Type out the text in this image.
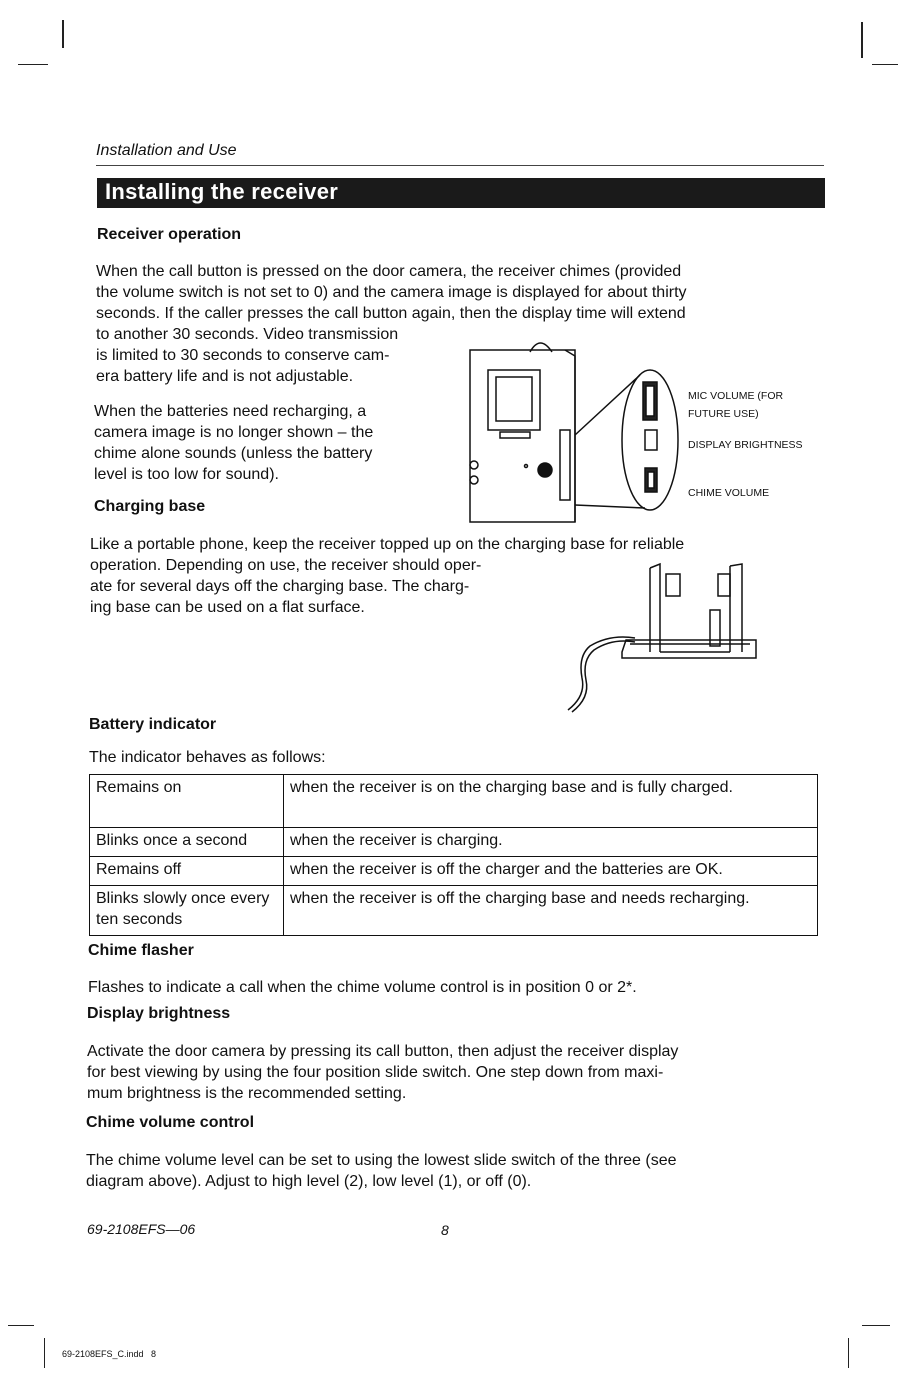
Installation and Use
Installing the receiver
Receiver operation
When the call button is pressed on the door camera, the receiver chimes (provided
the volume switch is not set to 0) and the camera image is displayed for about thirty
seconds. If the caller presses the call button again, then the display time will extend
to another 30 seconds. Video transmission
is limited to 30 seconds to conserve cam-
era battery life and is not adjustable.
When the batteries need recharging, a
camera image is no longer shown – the
chime alone sounds (unless the battery
level is too low for sound).
MIC VOLUME (FOR
FUTURE USE)
DISPLAY BRIGHTNESS
CHIME VOLUME
Charging base
Like a portable phone, keep the receiver topped up on the charging base for reliable
operation. Depending on use, the receiver should oper-
ate for several days off the charging base. The charg-
ing base can be used on a flat surface.
Battery indicator
The indicator behaves as follows:
Remains on	when the receiver is on the charging base and is fully charged.
Blinks once a second	when the receiver is charging.
Remains off	when the receiver is off the charger and the batteries are OK.
Blinks slowly once every ten seconds	when the receiver is off the charging base and needs recharging.
Chime flasher
Flashes to indicate a call when the chime volume control is in position 0 or 2*.
Display brightness
Activate the door camera by pressing its call button, then adjust the receiver display
for best viewing by using the four position slide switch. One step down from maxi-
mum brightness is the recommended setting.
Chime volume control
The chime volume level can be set to using the lowest slide switch of the three (see
diagram above). Adjust to high level (2), low level (1), or off (0).
69-2108EFS—06	8
69-2108EFS_C.indd   8
